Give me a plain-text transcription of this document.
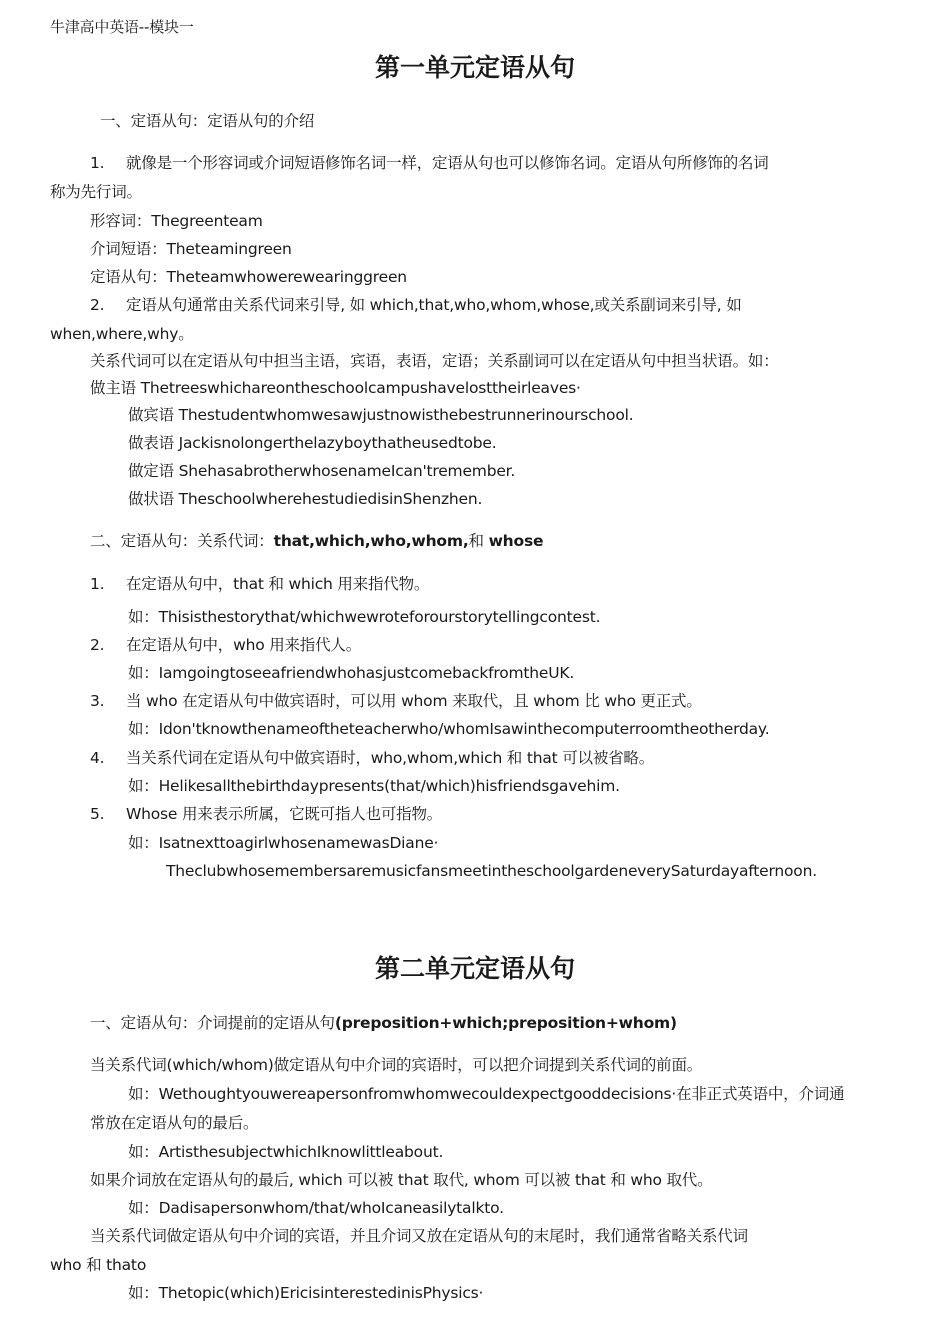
牛津高中英语--模块一
第一单元定语从句
一、定语从句：定语从句的介绍
1. 就像是一个形容词或介词短语修饰名词一样，定语从句也可以修饰名词。定语从句所修饰的名词
称为先行词。
形容词：Thegreenteam
介词短语：Theteamingreen
定语从句：Theteamwhowerewearinggreen
2. 定语从句通常由关系代词来引导, 如 which,that,who,whom,whose,或关系副词来引导, 如
when,where,why。
关系代词可以在定语从句中担当主语，宾语，表语，定语；关系副词可以在定语从句中担当状语。如：
做主语 Thetreeswhichareontheschoolcampushavelosttheirleaves·
做宾语 Thestudentwhomwesawjustnowisthebestrunnerinourschool.
做表语 Jackisnolongerthelazyboythatheusedtobe.
做定语 ShehasabrotherwhosenameIcan'tremember.
做状语 TheschoolwherehestudiedisinShenzhen.
二、定语从句：关系代词：that,which,who,whom,和 whose
1. 在定语从句中，that 和 which 用来指代物。
如：Thisisthestorythat/whichwewroteforourstorytellingcontest.
2. 在定语从句中，who 用来指代人。
如：IamgoingtoseeafriendwhohasjustcomebackfromtheUK.
3. 当 who 在定语从句中做宾语时，可以用 whom 来取代，且 whom 比 who 更正式。
如：Idon'tknowthenameoftheteacherwho/whomIsawinthecomputerroomtheotherday.
4. 当关系代词在定语从句中做宾语时，who,whom,which 和 that 可以被省略。
如：Helikesallthebirthdaypresents(that/which)hisfriendsgavehim.
5. Whose 用来表示所属，它既可指人也可指物。
如：IsatnexttoagirlwhosenamewasDiane·
TheclubwhosemembersaremusicfansmeetintheschoolgardeneverySaturdayafternoon.
第二单元定语从句
一、定语从句：介词提前的定语从句(preposition+which;preposition+whom)
当关系代词(which/whom)做定语从句中介词的宾语时，可以把介词提到关系代词的前面。
如：Wethoughtyouwereapersonfromwhomwecouldexpectgooddecisions·在非正式英语中，介词通
常放在定语从句的最后。
如：ArtisthesubjectwhichIknowlittleabout.
如果介词放在定语从句的最后, which 可以被 that 取代, whom 可以被 that 和 who 取代。
如：Dadisapersonwhom/that/whoIcaneasilytalkto.
当关系代词做定语从句中介词的宾语，并且介词又放在定语从句的末尾时，我们通常省略关系代词
who 和 thato
如：Thetopic(which)EricisinterestedinisPhysics·
